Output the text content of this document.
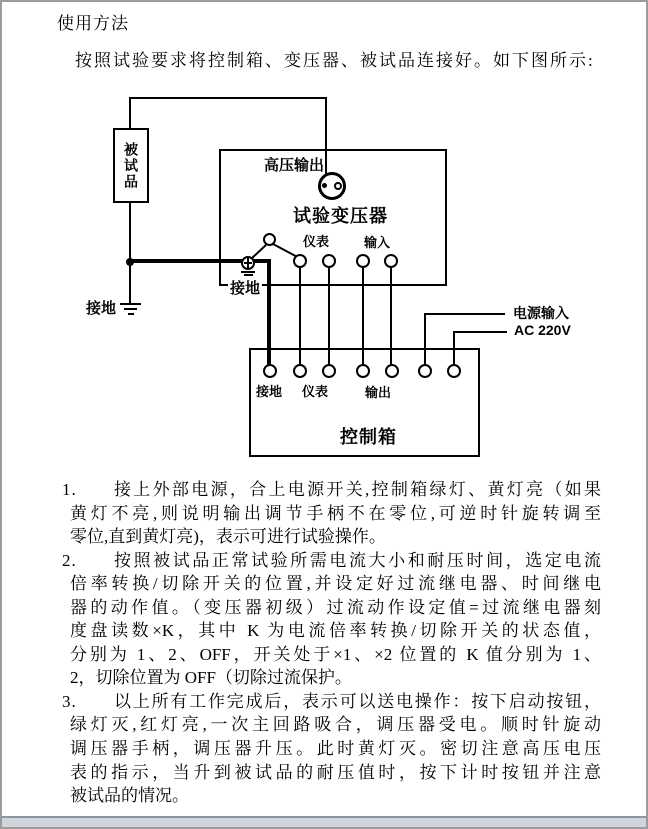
使用方法
按照试验要求将控制箱、变压器、被试品连接好。如下图所示:
被试品
接地
高压输出
试验变压器
仪表	输入
接地
电源输入
AC 220V
接地 仪表	输出
控制箱
1.	接上外部电源，合上电源开关,控制箱绿灯、黄灯亮（如果
黄灯不亮,则说明输出调节手柄不在零位,可逆时针旋转调至
零位,直到黄灯亮)，表示可进行试验操作。
2.	按照被试品正常试验所需电流大小和耐压时间，选定电流
倍率转换/切除开关的位置,并设定好过流继电器、时间继电
器的动作值。（变压器初级）过流动作设定值=过流继电器刻
度盘读数×K，其中 K 为电流倍率转换/切除开关的状态值，
分别为 1、2、OFF，开关处于×1、×2 位置的 K 值分别为 1、
2，切除位置为 OFF（切除过流保护。
3.	以上所有工作完成后，表示可以送电操作：按下启动按钮，
绿灯灭,红灯亮,一次主回路吸合，调压器受电。顺时针旋动
调压器手柄，调压器升压。此时黄灯灭。密切注意高压电压
表的指示，当升到被试品的耐压值时，按下计时按钮并注意
被试品的情况。
